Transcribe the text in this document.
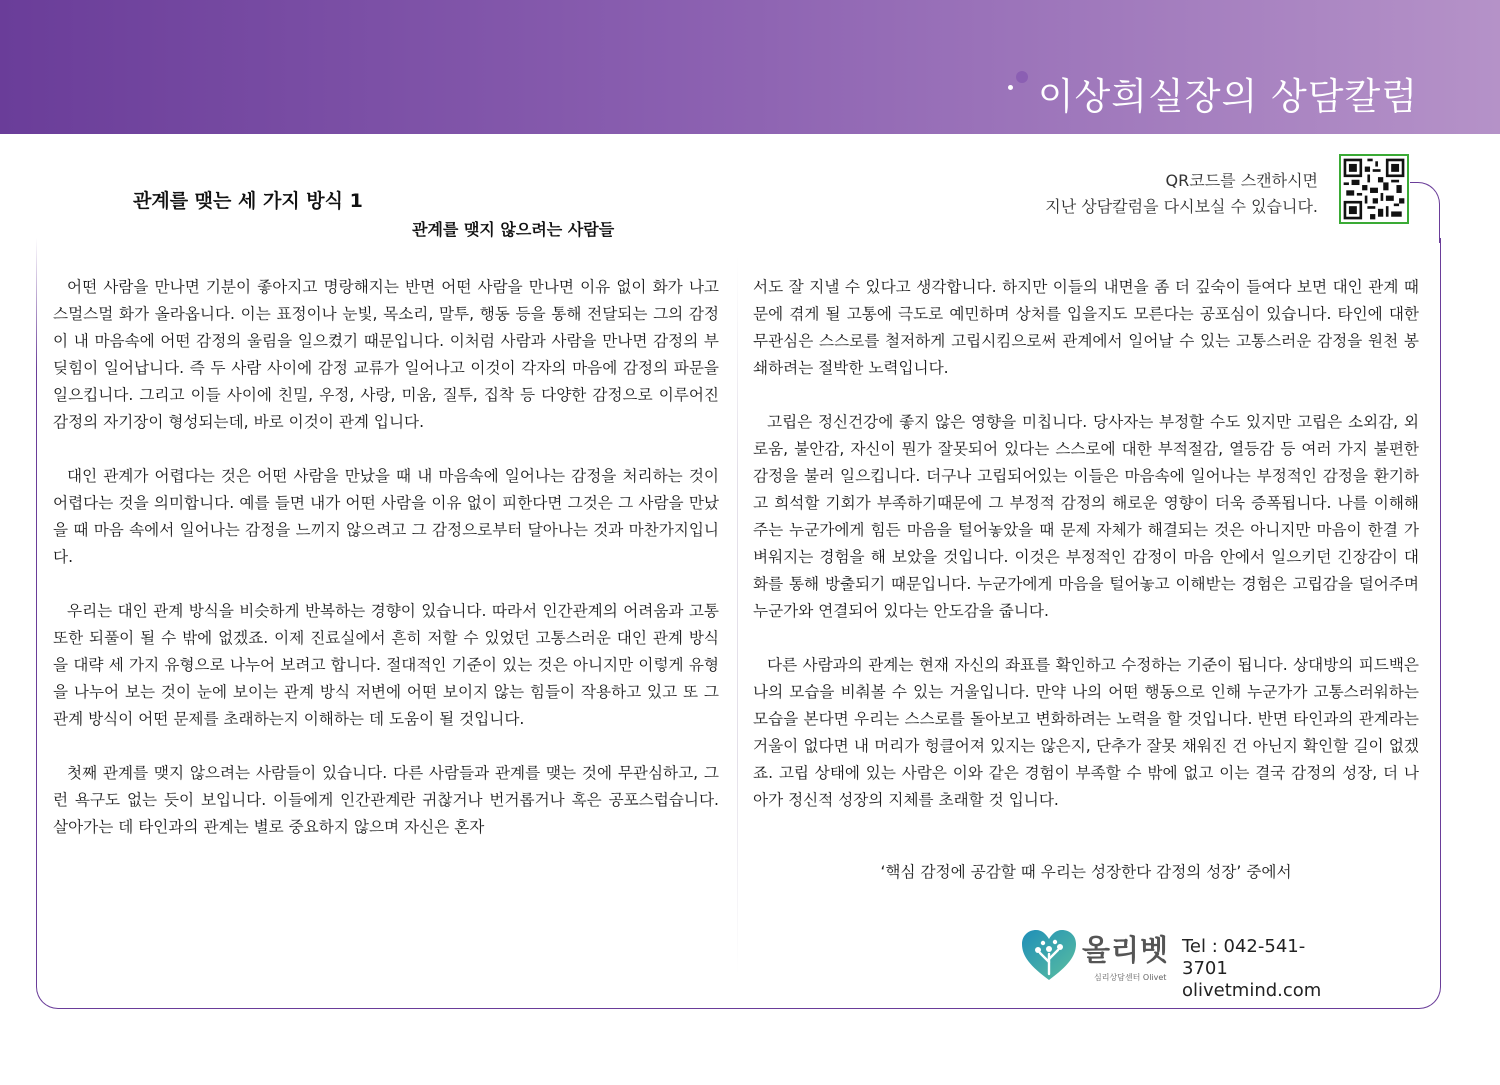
이상희실장의 상담칼럼
관계를 맺는 세 가지 방식 1
관계를 맺지 않으려는 사람들
QR코드를 스캔하시면
지난 상담칼럼을 다시보실 수 있습니다.

어떤 사람을 만나면 기분이 좋아지고 명랑해지는 반면 어떤 사람을 만나면 이유 없이 화가 나고 스멀스멀 화가 올라옵니다. 이는 표정이나 눈빛, 목소리, 말투, 행동 등을 통해 전달되는 그의 감정이 내 마음속에 어떤 감정의 울림을 일으켰기 때문입니다. 이처럼 사람과 사람을 만나면 감정의 부딪힘이 일어납니다. 즉 두 사람 사이에 감정 교류가 일어나고 이것이 각자의 마음에 감정의 파문을 일으킵니다. 그리고 이들 사이에 친밀, 우정, 사랑, 미움, 질투, 집착 등 다양한 감정으로 이루어진 감정의 자기장이 형성되는데, 바로 이것이 관계 입니다.

대인 관계가 어렵다는 것은 어떤 사람을 만났을 때 내 마음속에 일어나는 감정을 처리하는 것이 어렵다는 것을 의미합니다. 예를 들면 내가 어떤 사람을 이유 없이 피한다면 그것은 그 사람을 만났을 때 마음 속에서 일어나는 감정을 느끼지 않으려고 그 감정으로부터 달아나는 것과 마찬가지입니다.

우리는 대인 관계 방식을 비슷하게 반복하는 경향이 있습니다. 따라서 인간관계의 어려움과 고통 또한 되풀이 될 수 밖에 없겠죠. 이제 진료실에서 흔히 저할 수 있었던 고통스러운 대인 관계 방식을 대략 세 가지 유형으로 나누어 보려고 합니다. 절대적인 기준이 있는 것은 아니지만 이렇게 유형을 나누어 보는 것이 눈에 보이는 관계 방식 저변에 어떤 보이지 않는 힘들이 작용하고 있고 또 그 관계 방식이 어떤 문제를 초래하는지 이해하는 데 도움이 될 것입니다.

첫째 관계를 맺지 않으려는 사람들이 있습니다. 다른 사람들과 관계를 맺는 것에 무관심하고, 그런 욕구도 없는 듯이 보입니다. 이들에게 인간관계란 귀찮거나 번거롭거나 혹은 공포스럽습니다. 살아가는 데 타인과의 관계는 별로 중요하지 않으며 자신은 혼자

서도 잘 지낼 수 있다고 생각합니다. 하지만 이들의 내면을 좀 더 깊숙이 들여다 보면 대인 관계 때문에 겪게 될 고통에 극도로 예민하며 상처를 입을지도 모른다는 공포심이 있습니다. 타인에 대한 무관심은 스스로를 철저하게 고립시킴으로써 관계에서 일어날 수 있는 고통스러운 감정을 원천 봉쇄하려는 절박한 노력입니다.

고립은 정신건강에 좋지 않은 영향을 미칩니다. 당사자는 부정할 수도 있지만 고립은 소외감, 외로움, 불안감, 자신이 뭔가 잘못되어 있다는 스스로에 대한 부적절감, 열등감 등 여러 가지 불편한 감정을 불러 일으킵니다. 더구나 고립되어있는 이들은 마음속에 일어나는 부정적인 감정을 환기하고 희석할 기회가 부족하기때문에 그 부정적 감정의 해로운 영향이 더욱 증폭됩니다. 나를 이해해주는 누군가에게 힘든 마음을 털어놓았을 때 문제 자체가 해결되는 것은 아니지만 마음이 한결 가벼워지는 경험을 해 보았을 것입니다. 이것은 부정적인 감정이 마음 안에서 일으키던 긴장감이 대화를 통해 방출되기 때문입니다. 누군가에게 마음을 털어놓고 이해받는 경험은 고립감을 덜어주며 누군가와 연결되어 있다는 안도감을 줍니다.

다른 사람과의 관계는 현재 자신의 좌표를 확인하고 수정하는 기준이 됩니다. 상대방의 피드백은 나의 모습을 비춰볼 수 있는 거울입니다. 만약 나의 어떤 행동으로 인해 누군가가 고통스러워하는 모습을 본다면 우리는 스스로를 돌아보고 변화하려는 노력을 할 것입니다. 반면 타인과의 관계라는 거울이 없다면 내 머리가 헝클어져 있지는 않은지, 단추가 잘못 채워진 건 아닌지 확인할 길이 없겠죠. 고립 상태에 있는 사람은 이와 같은 경험이 부족할 수 밖에 없고 이는 결국 감정의 성장, 더 나아가 정신적 성장의 지체를 초래할 것 입니다.

‘핵심 감정에 공감할 때 우리는 성장한다 감정의 성장’ 중에서
올리벳
심리상담센터 Olivet
Tel : 042-541-3701
olivetmind.com
